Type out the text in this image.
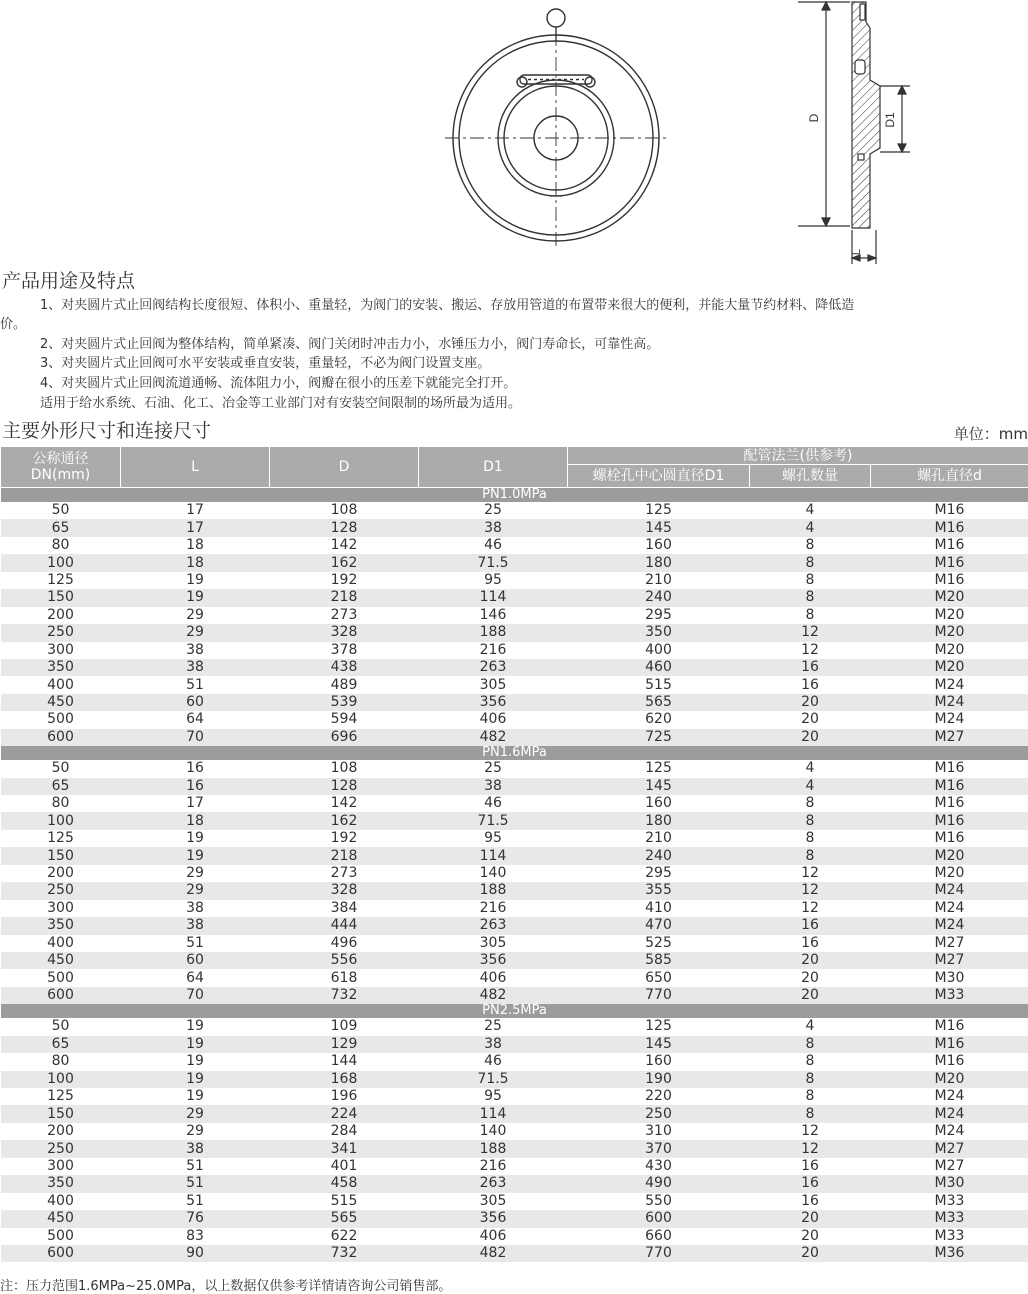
D	D1
L
产品用途及特点

1、对夹圆片式止回阀结构长度很短、体积小、重量轻，为阀门的安装、搬运、存放用管道的布置带来很大的便利，并能大量节约材料、降低造

价。

2、对夹圆片式止回阀为整体结构，简单紧凑、阀门关闭时冲击力小，水锤压力小，阀门寿命长，可靠性高。

3、对夹圆片式止回阀可水平安装或垂直安装，重量轻，不必为阀门设置支座。

4、对夹圆片式止回阀流道通畅、流体阻力小，阀瓣在很小的压差下就能完全打开。

适用于给水系统、石油、化工、冶金等工业部门对有安装空间限制的场所最为适用。

主要外形尺寸和连接尺寸	单位：mm
公称通径
DN(mm)	L	D	D1	配管法兰(供参考)		
				螺栓孔中心圆直径D1	螺孔数量	螺孔直径d
PN1.0MPa						
50	17	108	25	125	4	M16
65	17	128	38	145	4	M16
80	18	142	46	160	8	M16
100	18	162	71.5	180	8	M16
125	19	192	95	210	8	M16
150	19	218	114	240	8	M20
200	29	273	146	295	8	M20
250	29	328	188	350	12	M20
300	38	378	216	400	12	M20
350	38	438	263	460	16	M20
400	51	489	305	515	16	M24
450	60	539	356	565	20	M24
500	64	594	406	620	20	M24
600	70	696	482	725	20	M27
PN1.6MPa						
50	16	108	25	125	4	M16
65	16	128	38	145	4	M16
80	17	142	46	160	8	M16
100	18	162	71.5	180	8	M16
125	19	192	95	210	8	M16
150	19	218	114	240	8	M20
200	29	273	140	295	12	M20
250	29	328	188	355	12	M24
300	38	384	216	410	12	M24
350	38	444	263	470	16	M24
400	51	496	305	525	16	M27
450	60	556	356	585	20	M27
500	64	618	406	650	20	M30
600	70	732	482	770	20	M33
PN2.5MPa						
50	19	109	25	125	4	M16
65	19	129	38	145	8	M16
80	19	144	46	160	8	M16
100	19	168	71.5	190	8	M20
125	19	196	95	220	8	M24
150	29	224	114	250	8	M24
200	29	284	140	310	12	M24
250	38	341	188	370	12	M27
300	51	401	216	430	16	M27
350	51	458	263	490	16	M30
400	51	515	305	550	16	M33
450	76	565	356	600	20	M33
500	83	622	406	660	20	M33
600	90	732	482	770	20	M36
注：压力范围1.6MPa~25.0MPa，以上数据仅供参考详情请咨询公司销售部。
